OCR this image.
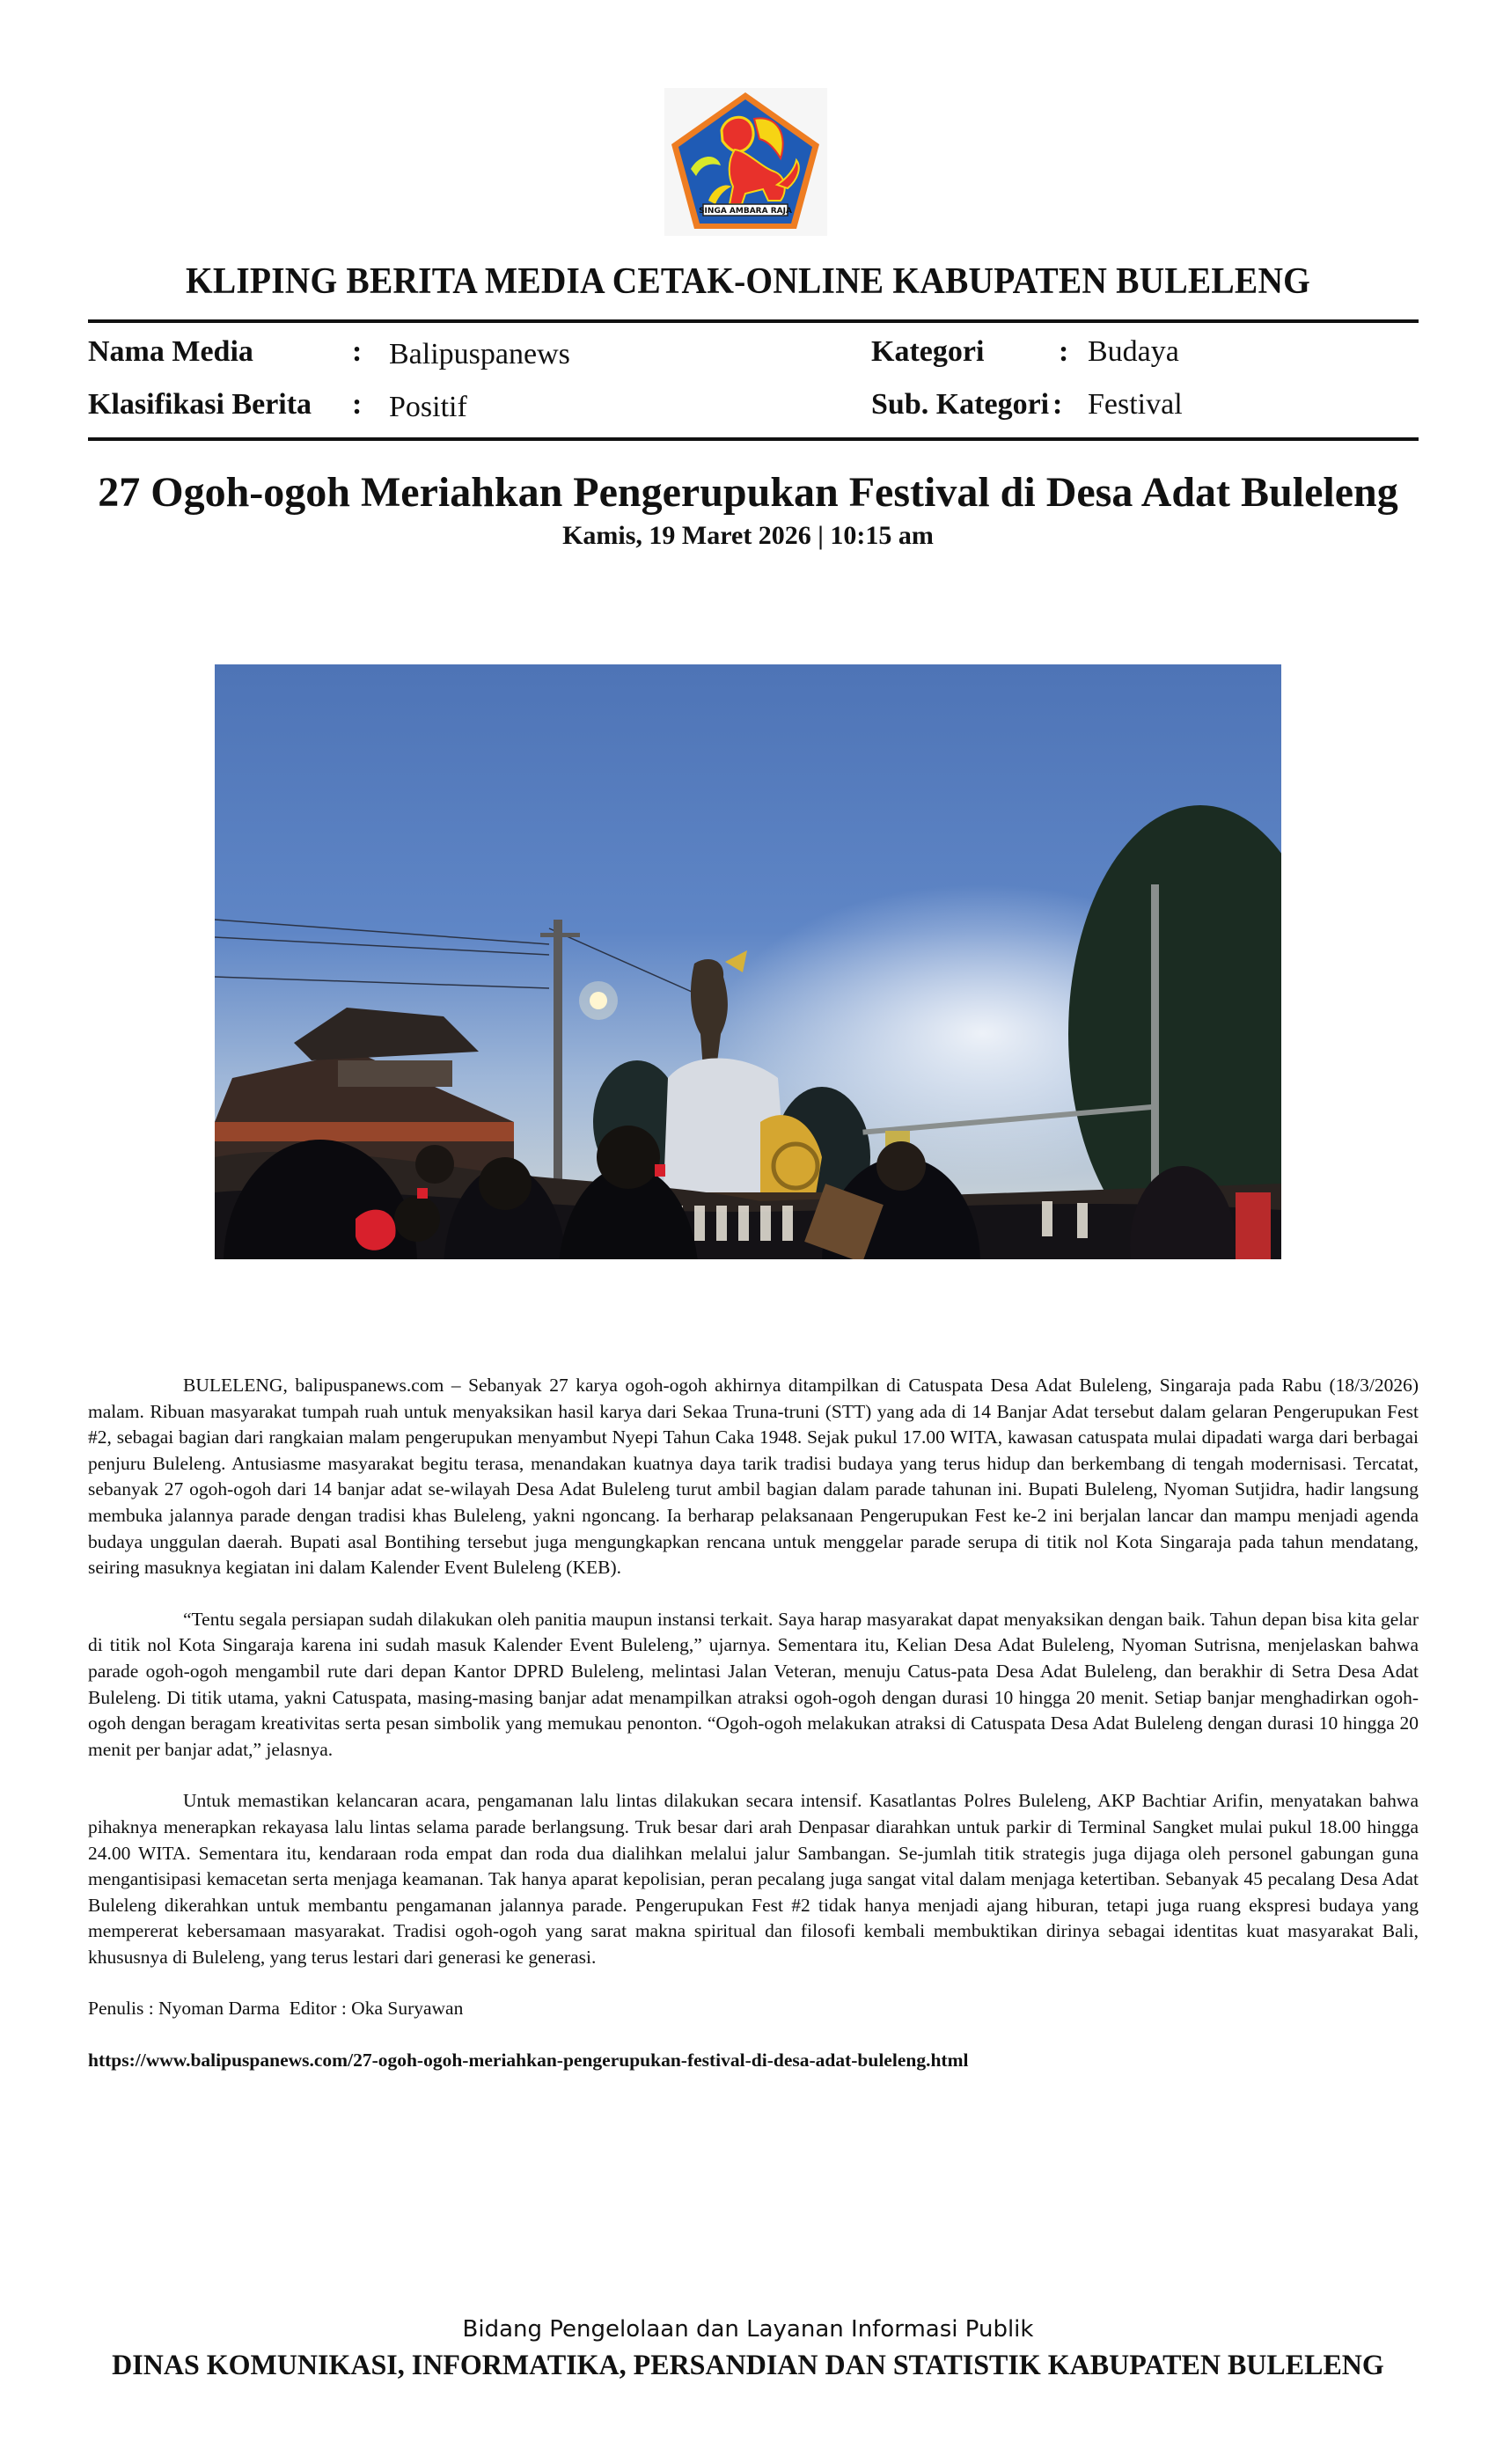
SINGA AMBARA RAJA
KLIPING BERITA MEDIA CETAK-ONLINE KABUPATEN BULELENG
Nama Media	: Balipuspanews	Kategori : Budaya
Klasifikasi Berita : Positif	Sub. Kategori : Festival
27 Ogoh-ogoh Meriahkan Pengerupukan Festival di Desa Adat Buleleng
Kamis, 19 Maret 2026 | 10:15 am

BULELENG, balipuspanews.com – Sebanyak 27 karya ogoh-ogoh akhirnya ditampilkan di Catuspata Desa Adat Buleleng, Singaraja pada Rabu (18/3/2026) malam. Ribuan masyarakat tumpah ruah untuk menyaksikan hasil karya dari Sekaa Truna-truni (STT) yang ada di 14 Banjar Adat tersebut dalam gelaran Pengerupukan Fest #2, sebagai bagian dari rangkaian malam pengerupukan menyambut Nyepi Tahun Caka 1948. Sejak pukul 17.00 WITA, kawasan catuspata mulai dipadati warga dari berbagai penjuru Buleleng. Antusiasme masyarakat begitu terasa, menandakan kuatnya daya tarik tradisi budaya yang terus hidup dan berkembang di tengah modernisasi. Tercatat, sebanyak 27 ogoh-ogoh dari 14 banjar adat se-wilayah Desa Adat Buleleng turut ambil bagian dalam parade tahunan ini. Bupati Buleleng, Nyoman Sutjidra, hadir langsung membuka jalannya parade dengan tradisi khas Buleleng, yakni ngoncang. Ia berharap pelaksanaan Pengerupukan Fest ke-2 ini berjalan lancar dan mampu menjadi agenda budaya unggulan daerah. Bupati asal Bontihing tersebut juga mengungkapkan rencana untuk menggelar parade serupa di titik nol Kota Singaraja pada tahun mendatang, seiring masuknya kegiatan ini dalam Kalender Event Buleleng (KEB).

“Tentu segala persiapan sudah dilakukan oleh panitia maupun instansi terkait. Saya harap masyarakat dapat menyaksikan dengan baik. Tahun depan bisa kita gelar di titik nol Kota Singaraja karena ini sudah masuk Kalender Event Buleleng,” ujarnya. Sementara itu, Kelian Desa Adat Buleleng, Nyoman Sutrisna, menjelaskan bahwa parade ogoh-ogoh mengambil rute dari depan Kantor DPRD Buleleng, melintasi Jalan Veteran, menuju Catus-pata Desa Adat Buleleng, dan berakhir di Setra Desa Adat Buleleng. Di titik utama, yakni Catuspata, masing-masing banjar adat menampilkan atraksi ogoh-ogoh dengan durasi 10 hingga 20 menit. Setiap banjar menghadirkan ogoh-ogoh dengan beragam kreativitas serta pesan simbolik yang memukau penonton. “Ogoh-ogoh melakukan atraksi di Catuspata Desa Adat Buleleng dengan durasi 10 hingga 20 menit per banjar adat,” jelasnya.

Untuk memastikan kelancaran acara, pengamanan lalu lintas dilakukan secara intensif. Kasatlantas Polres Buleleng, AKP Bachtiar Arifin, menyatakan bahwa pihaknya menerapkan rekayasa lalu lintas selama parade berlangsung. Truk besar dari arah Denpasar diarahkan untuk parkir di Terminal Sangket mulai pukul 18.00 hingga 24.00 WITA. Sementara itu, kendaraan roda empat dan roda dua dialihkan melalui jalur Sambangan. Se-jumlah titik strategis juga dijaga oleh personel gabungan guna mengantisipasi kemacetan serta menjaga keamanan. Tak hanya aparat kepolisian, peran pecalang juga sangat vital dalam menjaga ketertiban. Sebanyak 45 pecalang Desa Adat Buleleng dikerahkan untuk membantu pengamanan jalannya parade. Pengerupukan Fest #2 tidak hanya menjadi ajang hiburan, tetapi juga ruang ekspresi budaya yang mempererat kebersamaan masyarakat. Tradisi ogoh-ogoh yang sarat makna spiritual dan filosofi kembali membuktikan dirinya sebagai identitas kuat masyarakat Bali, khususnya di Buleleng, yang terus lestari dari generasi ke generasi.

Penulis : Nyoman Darma  Editor : Oka Suryawan

https://www.balipuspanews.com/27-ogoh-ogoh-meriahkan-pengerupukan-festival-di-desa-adat-buleleng.html

Bidang Pengelolaan dan Layanan Informasi Publik
DINAS KOMUNIKASI, INFORMATIKA, PERSANDIAN DAN STATISTIK KABUPATEN BULELENG
